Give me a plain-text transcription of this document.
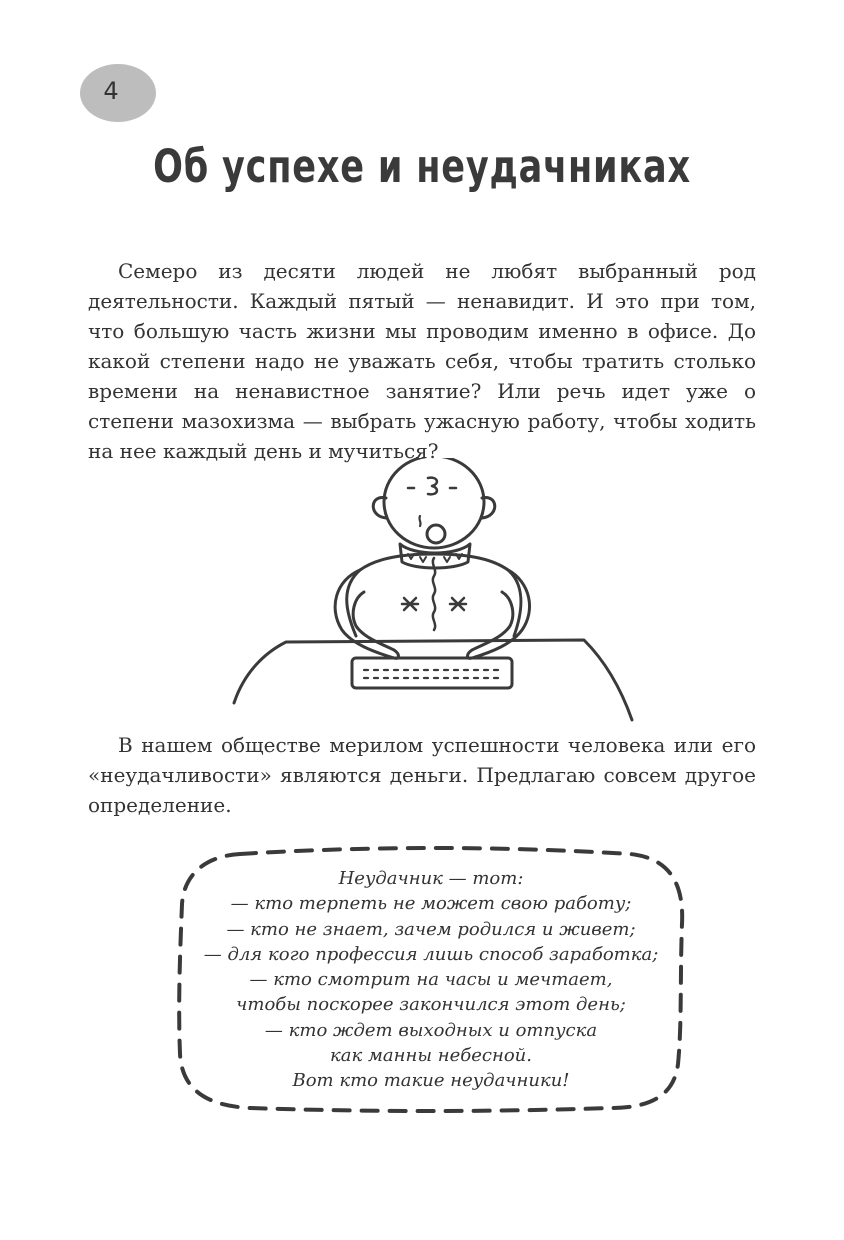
4
Об успехе и неудачниках

Семеро из десяти людей не любят выбранный род деятельности. Каждый пятый — ненавидит. И это при том, что большую часть жизни мы проводим именно в офисе. До какой степени надо не уважать себя, чтобы тратить столько времени на ненавистное занятие? Или речь идет уже о степени мазохизма — выбрать ужасную работу, чтобы ходить на нее каждый день и мучиться?

В нашем обществе мерилом успешности человека или его «неудачливости» являются деньги. Предлагаю совсем другое определение.

Неудачник — тот:
— кто терпеть не может свою работу;
— кто не знает, зачем родился и живет;
— для кого профессия лишь способ заработка;
— кто смотрит на часы и мечтает,
чтобы поскорее закончился этот день;
— кто ждет выходных и отпуска
как манны небесной.
Вот кто такие неудачники!
